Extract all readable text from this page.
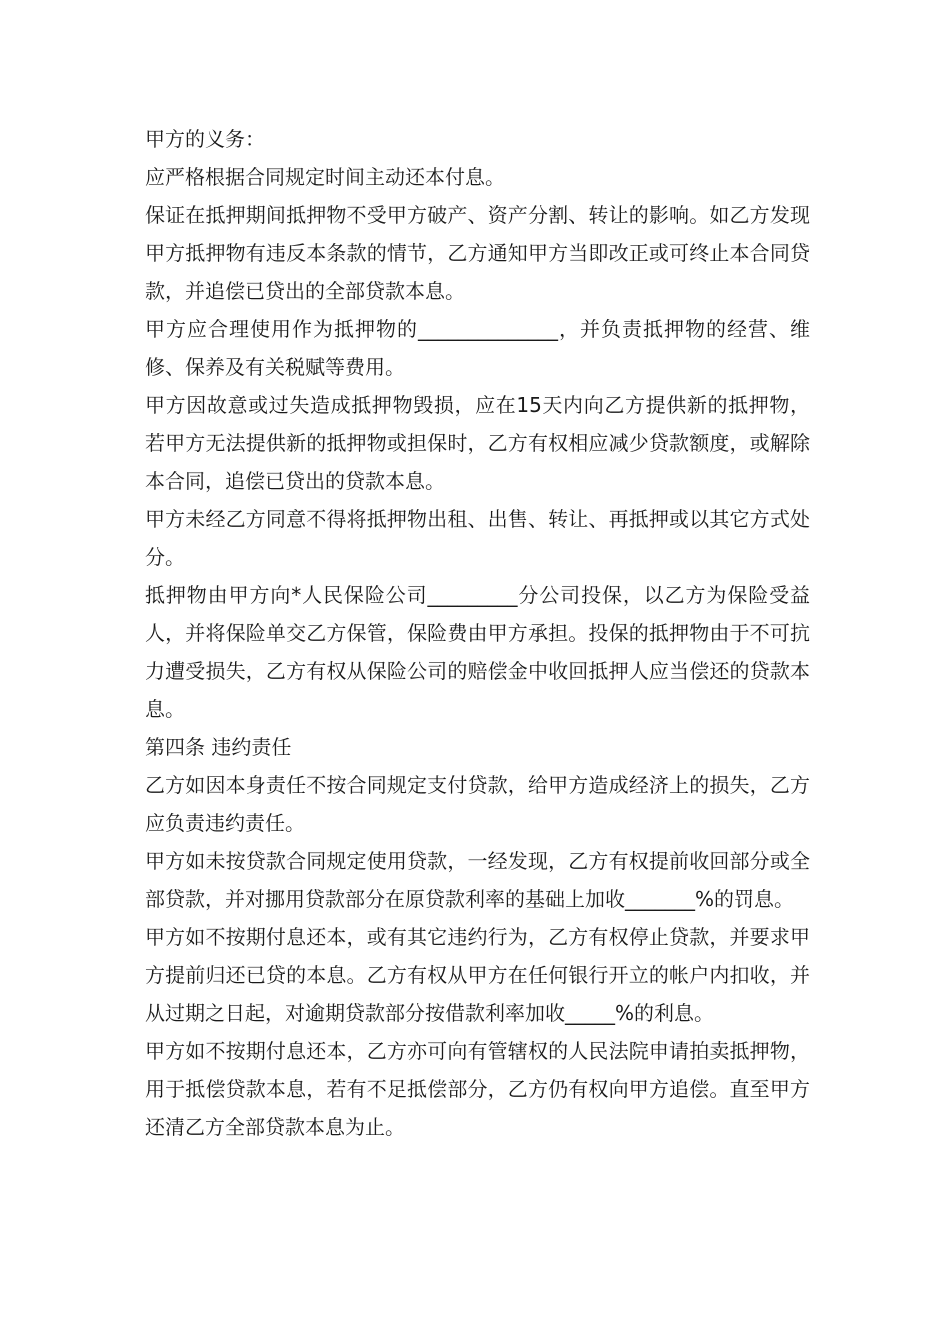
甲方的义务：

应严格根据合同规定时间主动还本付息。

保证在抵押期间抵押物不受甲方破产、资产分割、转让的影响。如乙方发现甲方抵押物有违反本条款的情节，乙方通知甲方当即改正或可终止本合同贷款，并追偿已贷出的全部贷款本息。

甲方应合理使用作为抵押物的______________，并负责抵押物的经营、维修、保养及有关税赋等费用。

甲方因故意或过失造成抵押物毁损，应在15天内向乙方提供新的抵押物，若甲方无法提供新的抵押物或担保时，乙方有权相应减少贷款额度，或解除本合同，追偿已贷出的贷款本息。

甲方未经乙方同意不得将抵押物出租、出售、转让、再抵押或以其它方式处分。

抵押物由甲方向*人民保险公司_________分公司投保，以乙方为保险受益人，并将保险单交乙方保管，保险费由甲方承担。投保的抵押物由于不可抗力遭受损失，乙方有权从保险公司的赔偿金中收回抵押人应当偿还的贷款本息。

第四条 违约责任

乙方如因本身责任不按合同规定支付贷款，给甲方造成经济上的损失，乙方应负责违约责任。

甲方如未按贷款合同规定使用贷款，一经发现，乙方有权提前收回部分或全部贷款，并对挪用贷款部分在原贷款利率的基础上加收_______%的罚息。

甲方如不按期付息还本，或有其它违约行为，乙方有权停止贷款，并要求甲方提前归还已贷的本息。乙方有权从甲方在任何银行开立的帐户内扣收，并从过期之日起，对逾期贷款部分按借款利率加收_____%的利息。

甲方如不按期付息还本，乙方亦可向有管辖权的人民法院申请拍卖抵押物，用于抵偿贷款本息，若有不足抵偿部分，乙方仍有权向甲方追偿。直至甲方还清乙方全部贷款本息为止。
